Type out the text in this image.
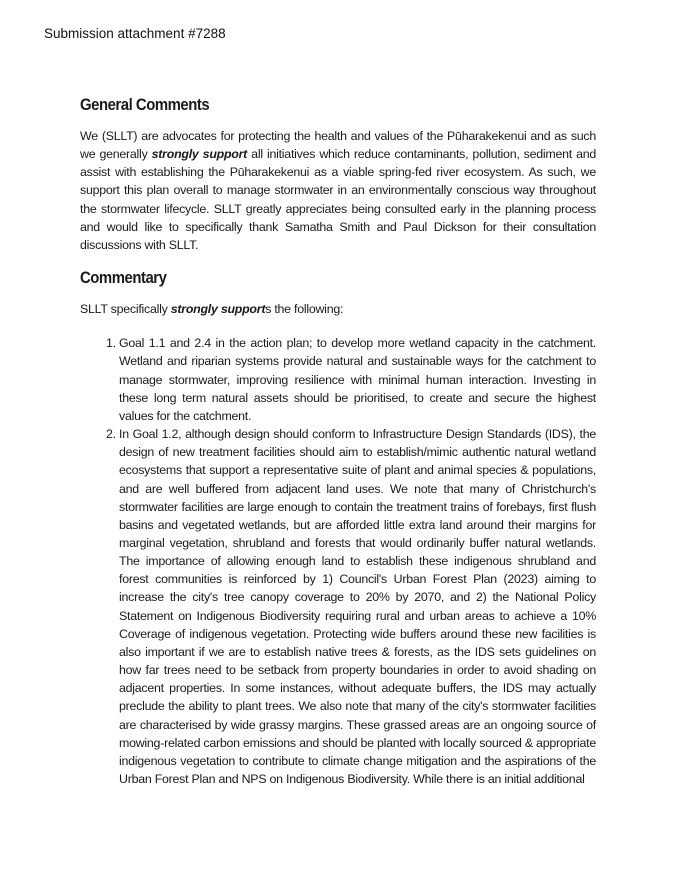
Submission attachment #7288
General Comments

We (SLLT) are advocates for protecting the health and values of the Pūharakekenui and as such we generally strongly support all initiatives which reduce contaminants, pollution, sediment and assist with establishing the Pūharakekenui as a viable spring-fed river ecosystem. As such, we support this plan overall to manage stormwater in an environmentally conscious way throughout the stormwater lifecycle. SLLT greatly appreciates being consulted early in the planning process and would like to specifically thank Samatha Smith and Paul Dickson for their consultation discussions with SLLT.

Commentary

SLLT specifically strongly supports the following:

1. Goal 1.1 and 2.4 in the action plan; to develop more wetland capacity in the catchment. Wetland and riparian systems provide natural and sustainable ways for the catchment to manage stormwater, improving resilience with minimal human interaction. Investing in these long term natural assets should be prioritised, to create and secure the highest values for the catchment.
2. In Goal 1.2, although design should conform to Infrastructure Design Standards (IDS), the design of new treatment facilities should aim to establish/mimic authentic natural wetland ecosystems that support a representative suite of plant and animal species & populations, and are well buffered from adjacent land uses. We note that many of Christchurch's stormwater facilities are large enough to contain the treatment trains of forebays, first flush basins and vegetated wetlands, but are afforded little extra land around their margins for marginal vegetation, shrubland and forests that would ordinarily buffer natural wetlands. The importance of allowing enough land to establish these indigenous shrubland and forest communities is reinforced by 1) Council's Urban Forest Plan (2023) aiming to increase the city's tree canopy coverage to 20% by 2070, and 2) the National Policy Statement on Indigenous Biodiversity requiring rural and urban areas to achieve a 10% Coverage of indigenous vegetation. Protecting wide buffers around these new facilities is also important if we are to establish native trees & forests, as the IDS sets guidelines on how far trees need to be setback from property boundaries in order to avoid shading on adjacent properties. In some instances, without adequate buffers, the IDS may actually preclude the ability to plant trees. We also note that many of the city's stormwater facilities are characterised by wide grassy margins. These grassed areas are an ongoing source of mowing-related carbon emissions and should be planted with locally sourced & appropriate indigenous vegetation to contribute to climate change mitigation and the aspirations of the Urban Forest Plan and NPS on Indigenous Biodiversity. While there is an initial additional
